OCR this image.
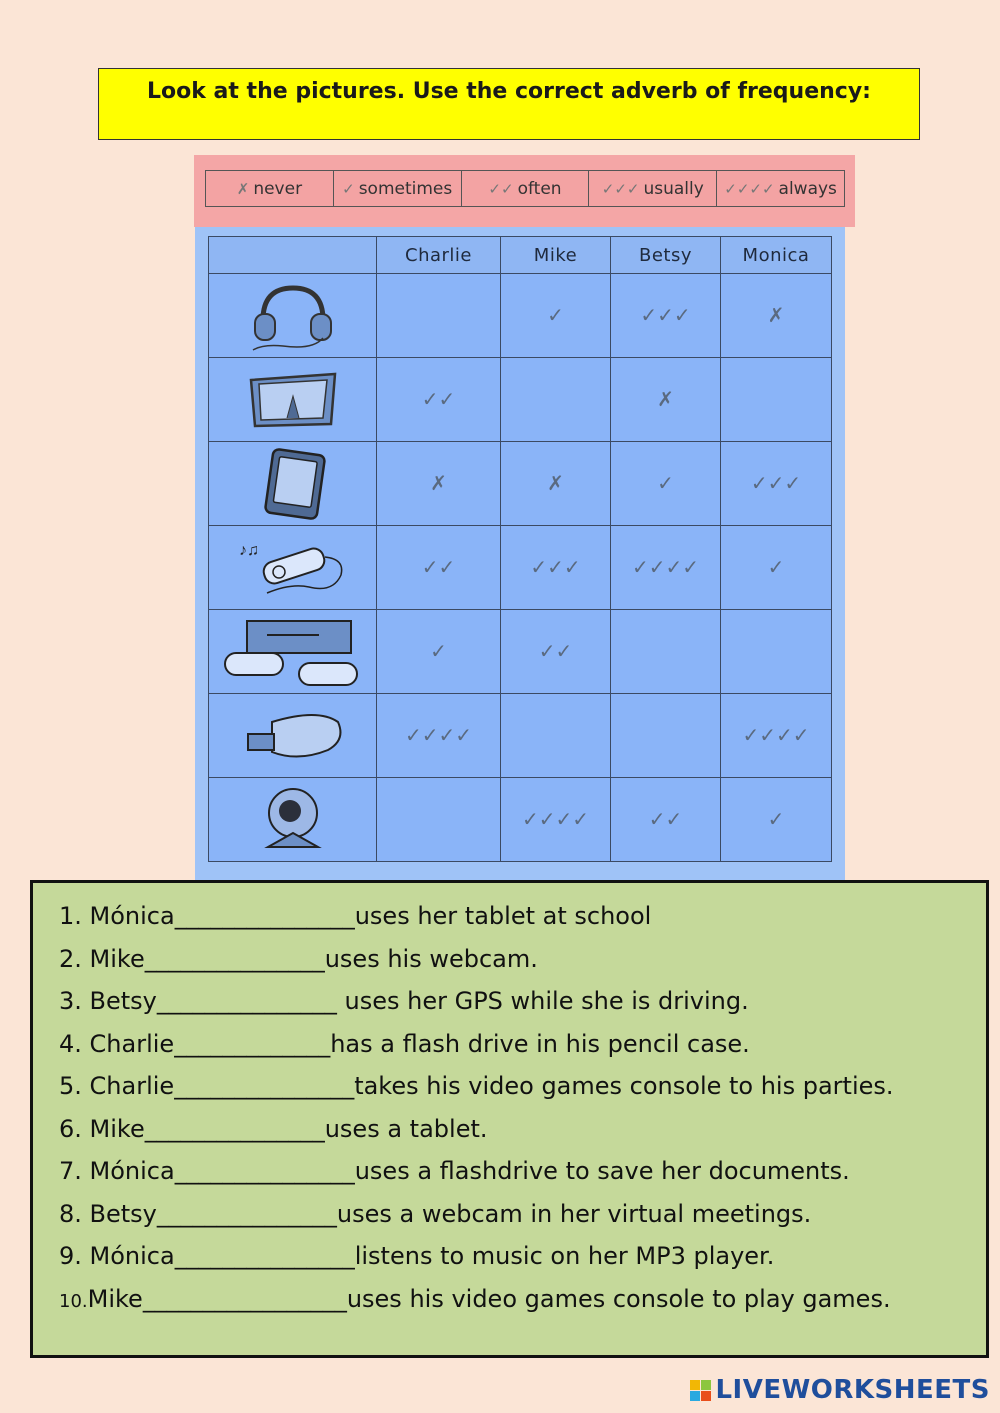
Look at the pictures. Use the correct adverb of frequency:
✗ never	✓ sometimes ✓✓ often	✓✓✓ usually ✓✓✓✓ always
	Charlie	Mike	Betsy	Monica

		✓	✓✓✓	✗

	✓✓		✗	

	✗	✗	✓	✓✓✓

♪♫	✓✓	✓✓✓	✓✓✓✓	✓

	✓	✓✓		

	✓✓✓✓			✓✓✓✓

		✓✓✓✓	✓✓	✓
1. Mónica_______________uses her tablet at school
2. Mike_______________uses his webcam.
3. Betsy_______________ uses her GPS while she is driving.
4. Charlie_____________has a flash drive in his pencil case.
5. Charlie_______________takes his video games console to his parties.
6. Mike_______________uses a tablet.
7. Mónica_______________uses a flashdrive to save her documents.
8. Betsy_______________uses a webcam in her virtual meetings.
9. Mónica_______________listens to music on her MP3 player.
10.Mike_________________uses his video games console to play games.
LIVEWORKSHEETS
